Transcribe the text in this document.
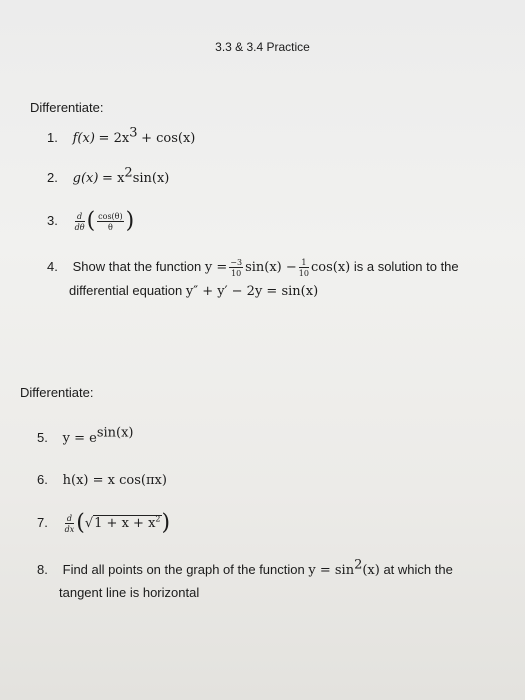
3.3 & 3.4 Practice
Differentiate:
1. $f(x) = 2x^3 + \cos(x)$
2. $g(x) = x^2\sin(x)$
3. $\frac{d}{d\theta}$ ( $\frac{\cos(\theta)}{\theta}$ )
4. Show that the function $y = \frac{-3}{10} \sin(x) - \frac{1}{10} \cos(x)$ is a solution to the
differential equation y″ + y′ − 2y = sin(x)
Differentiate:
5. $y = e^{sin(x)}$
6. h(x) = x cos(πx)
7. $\frac{d}{dx} (√1 + x + x^2)$
8. Find all points on the graph of the function $y = \sin^2(x)$ at which the
tangent line is horizontal
